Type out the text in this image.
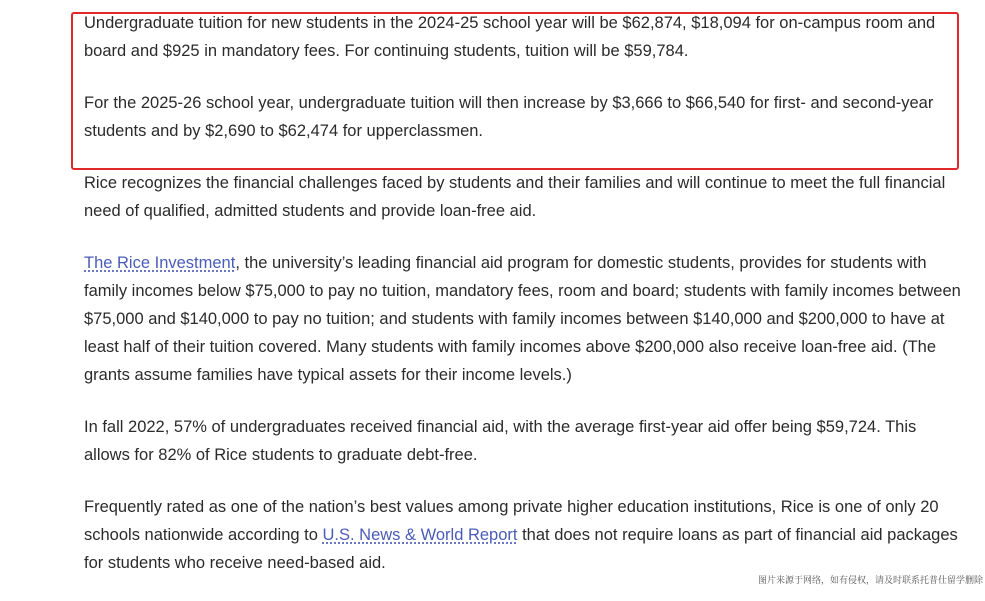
Undergraduate tuition for new students in the 2024-25 school year will be $62,874, $18,094 for on-campus room and board and $925 in mandatory fees. For continuing students, tuition will be $59,784.

For the 2025-26 school year, undergraduate tuition will then increase by $3,666 to $66,540 for first- and second-year students and by $2,690 to $62,474 for upperclassmen.

Rice recognizes the financial challenges faced by students and their families and will continue to meet the full financial need of qualified, admitted students and provide loan-free aid.

The Rice Investment, the university’s leading financial aid program for domestic students, provides for students with family incomes below $75,000 to pay no tuition, mandatory fees, room and board; students with family incomes between $75,000 and $140,000 to pay no tuition; and students with family incomes between $140,000 and $200,000 to have at least half of their tuition covered. Many students with family incomes above $200,000 also receive loan-free aid. (The grants assume families have typical assets for their income levels.)

In fall 2022, 57% of undergraduates received financial aid, with the average first-year aid offer being $59,724. This allows for 82% of Rice students to graduate debt-free.

Frequently rated as one of the nation’s best values among private higher education institutions, Rice is one of only 20 schools nationwide according to U.S. News & World Report that does not require loans as part of financial aid packages for students who receive need-based aid.

图片来源于网络，如有侵权，请及时联系托普仕留学删除
